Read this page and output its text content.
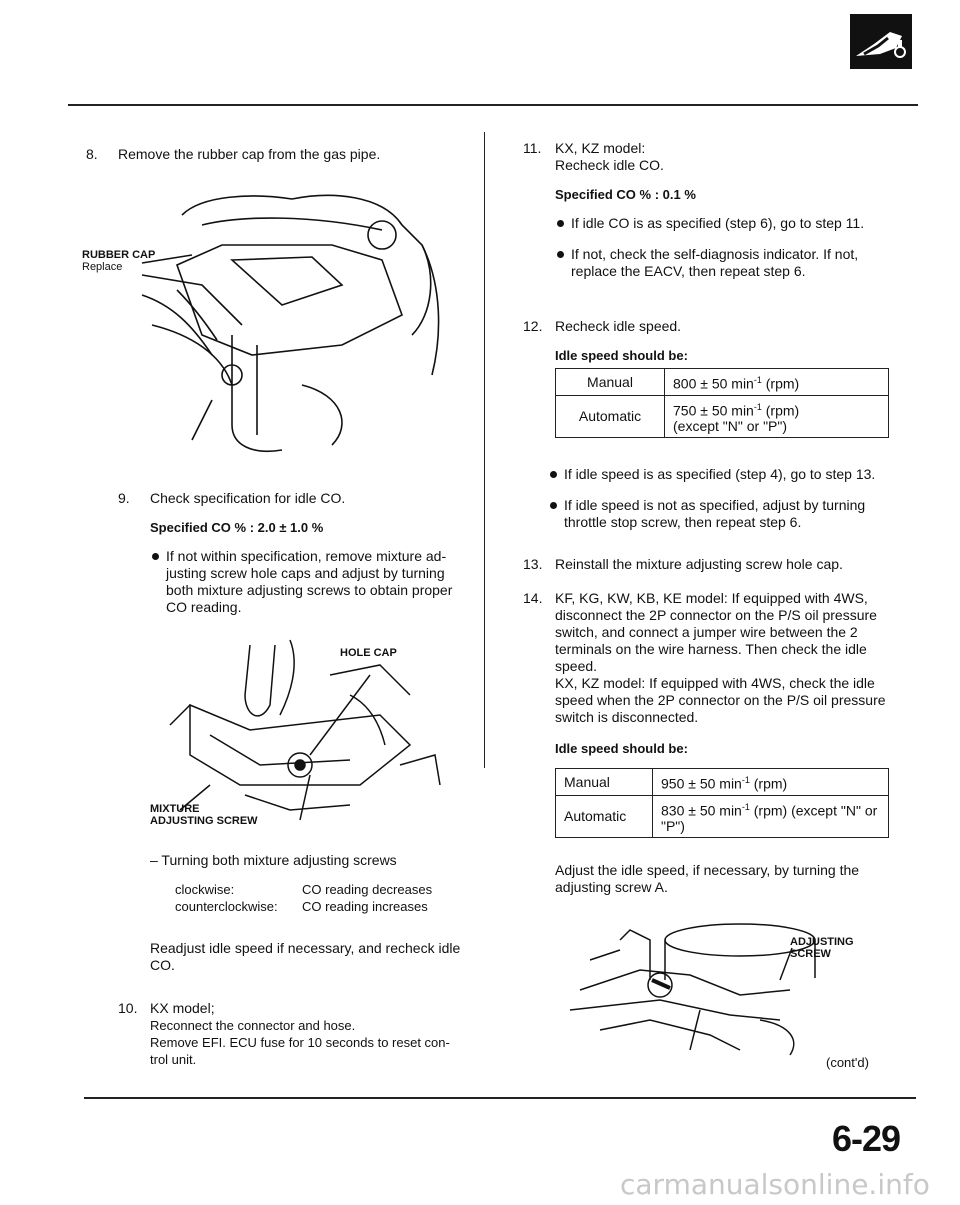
8. Remove the rubber cap from the gas pipe.

RUBBER CAP
Replace
9. Check specification for idle CO.

Specified CO % : 2.0 ± 1.0 %

If not within specification, remove mixture ad-justing screw hole caps and adjust by turning both mixture adjusting screws to obtain proper CO reading.

HOLE CAP
MIXTURE
ADJUSTING SCREW

– Turning both mixture adjusting screws

clockwise:	CO reading decreases
counterclockwise: CO reading increases

Readjust idle speed if necessary, and recheck idle CO.

10. KX model;

Reconnect the connector and hose.

Remove EFI. ECU fuse for 10 seconds to reset con-trol unit.

11. KX, KZ model:

Recheck idle CO.

Specified CO % : 0.1 %

If idle CO is as specified (step 6), go to step 11.

If not, check the self-diagnosis indicator. If not, replace the EACV, then repeat step 6.

12. Recheck idle speed.

Idle speed should be:

Manual	800 ± 50 $\min^{-1} (rpm)$
Automatic	750 ± 50 $\min^{-1} (rpm)$
(except "N" or "P")

If idle speed is as specified (step 4), go to step 13.

If idle speed is not as specified, adjust by turning throttle stop screw, then repeat step 6.

13. Reinstall the mixture adjusting screw hole cap.

14. KF, KG, KW, KB, KE model: If equipped with 4WS, disconnect the 2P connector on the P/S oil pressure switch, and connect a jumper wire between the 2 terminals on the wire harness. Then check the idle speed.

KX, KZ model: If equipped with 4WS, check the idle speed when the 2P connector on the P/S oil pressure switch is disconnected.

Idle speed should be:

Manual	950 ± 50 $\min^{-1} (rpm)$
Automatic	830 ± 50 $\min^{-1} (rpm)$ (except "N" or "P")

Adjust the idle speed, if necessary, by turning the adjusting screw A.

ADJUSTING
SCREW
(cont'd)
6-29
carmanualsonline.info
